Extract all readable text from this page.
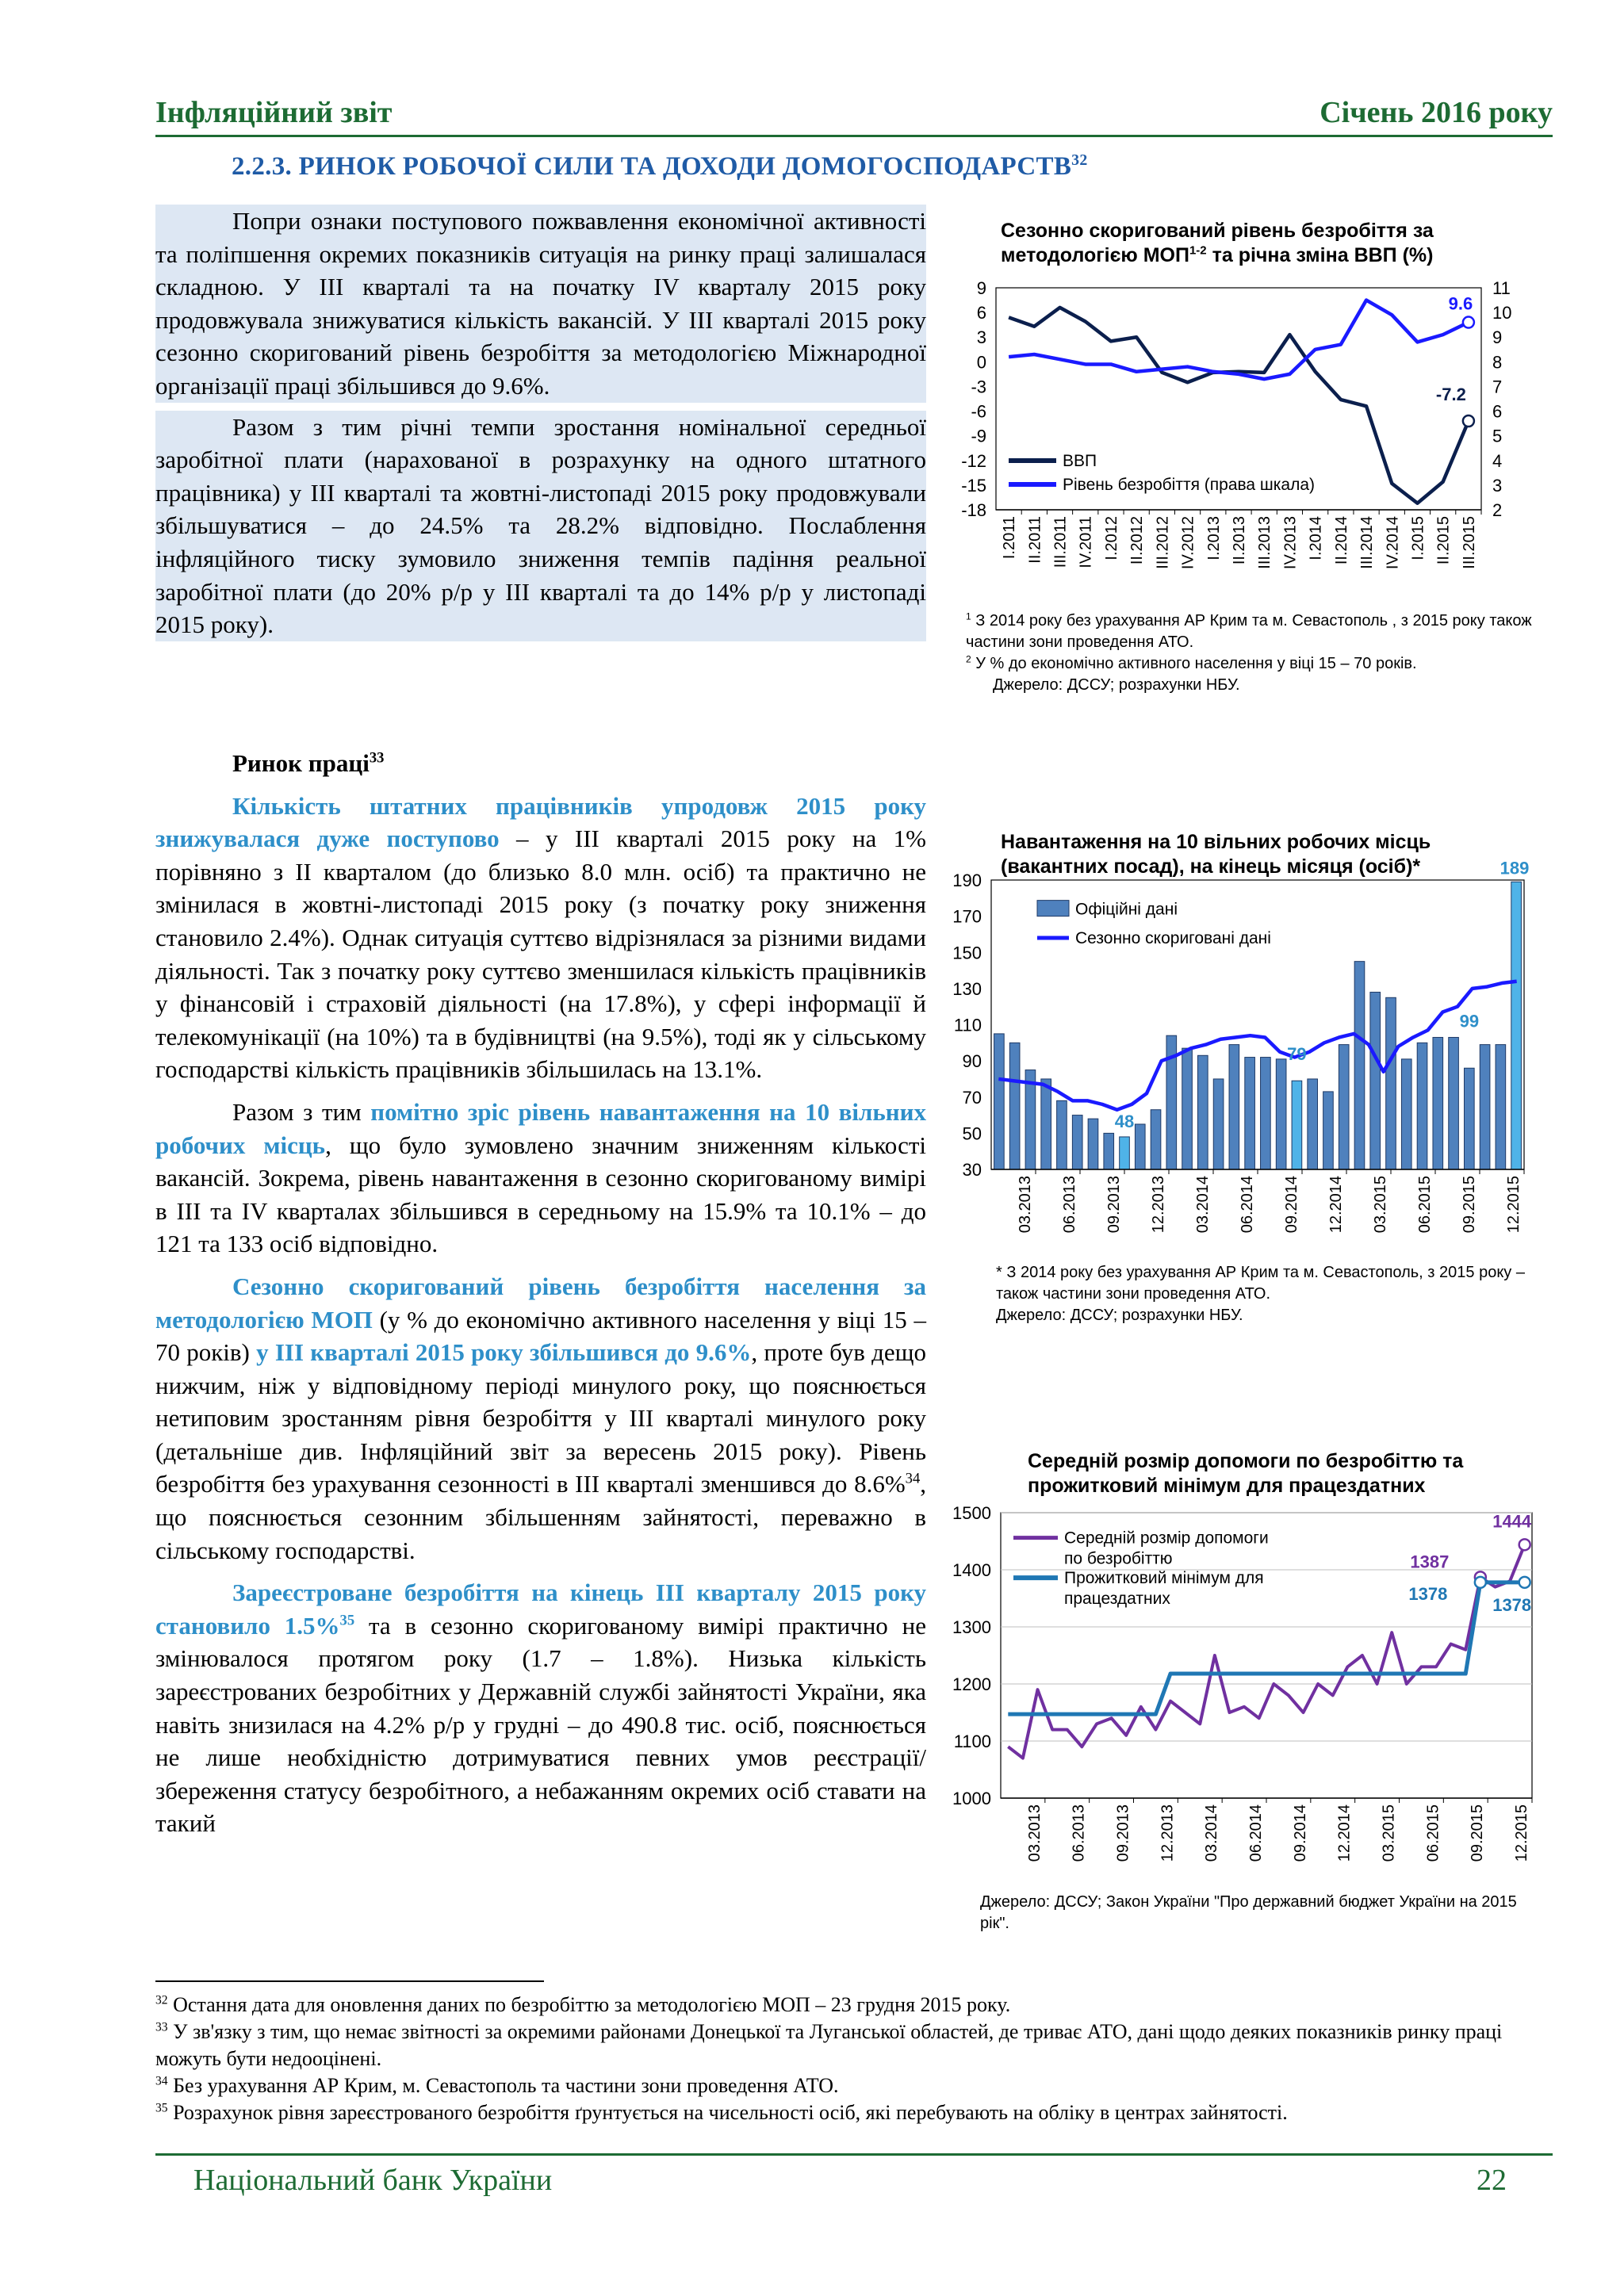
Інфляційний звіт	Січень 2016 року
2.2.3. РИНОК РОБОЧОЇ СИЛИ ТА ДОХОДИ ДОМОГОСПОДАРСТВ$^{32}$

Попри ознаки поступового пожвавлення економічної активності та поліпшення окремих показників ситуація на ринку праці залишалася складною. У ІІІ кварталі та на початку IV кварталу 2015 року продовжувала знижуватися кількість вакансій. У ІІІ кварталі 2015 року сезонно скоригований рівень безробіття за методологією Міжнародної організації праці збільшився до 9.6%.

Разом з тим річні темпи зростання номінальної середньої заробітної плати (нарахованої в розрахунку на одного штатного працівника) у ІІІ кварталі та жовтні-листопаді 2015 року продовжували збільшуватися – до 24.5% та 28.2% відповідно. Послаблення інфляційного тиску зумовило зниження темпів падіння реальної заробітної плати (до 20% р/р у ІІІ кварталі та до 14% р/р у листопаді 2015 року).

Ринок праці$^{33}$

Кількість штатних працівників упродовж 2015 року знижувалася дуже поступово – у ІІІ кварталі 2015 року на 1% порівняно з ІІ кварталом (до близько 8.0 млн. осіб) та практично не змінилася в жовтні-листопаді 2015 року (з початку року зниження становило 2.4%). Однак ситуація суттєво відрізнялася за різними видами діяльності. Так з початку року суттєво зменшилася кількість працівників у фінансовій і страховій діяльності (на 17.8%), у сфері інформації й телекомунікації (на 10%) та в будівництві (на 9.5%), тоді як у сільському господарстві кількість працівників збільшилась на 13.1%.

Разом з тим помітно зріс рівень навантаження на 10 вільних робочих місць, що було зумовлено значним зниженням кількості вакансій. Зокрема, рівень навантаження в сезонно скоригованому вимірі в ІІІ та IV кварталах збільшився в середньому на 15.9% та 10.1% – до 121 та 133 осіб відповідно.

Сезонно скоригований рівень безробіття населення за методологією МОП (у % до економічно активного населення у віці 15 – 70 років) у ІІІ кварталі 2015 року збільшився до 9.6%, проте був дещо нижчим, ніж у відповідному періоді минулого року, що пояснюється нетиповим зростанням рівня безробіття у ІІІ кварталі минулого року (детальніше див. Інфляційний звіт за вересень 2015 року). Рівень безробіття без урахування сезонності в ІІІ кварталі зменшився до 8.6%$^{34}$, що пояснюється сезонним збільшенням зайнятості, переважно в сільському господарстві.

Зареєстроване безробіття на кінець ІІІ кварталу 2015 року становило 1.5%$^{35}$ та в сезонно скоригованому вимірі практично не змінювалося протягом року (1.7 – 1.8%). Низька кількість зареєстрованих безробітних у Державній службі зайнятості України, яка навіть знизилася на 4.2% р/р у грудні – до 490.8 тис. осіб, пояснюється не лише необхідністю дотримуватися певних умов реєстрації/збереження статусу безробітного, а небажанням окремих осіб ставати на такий

Сезонно скоригований рівень безробіття за методологією МОП$^{1-2}$ та річна зміна ВВП (%)
9
6
3
0
-3
-6
-9
-12
-15
-18
11
10
9
8
7
6
5
4
3
2
I.2011 II.2011 III.2011 IV.2011 I.2012 II.2012 III.2012 IV.2012 I.2013 II.2013 III.2013 IV.2013 I.2014 II.2014 III.2014 IV.2014 I.2015 II.2015 III.2015
9.6
-7.2
ВВП
Рівень безробіття (права шкала)
$^1$ З 2014 року без урахування АР Крим та м. Севастополь , з 2015 року також частини зони проведення АТО.
$^2$ У % до економічно активного населення у віці 15 – 70 років.
Джерело: ДССУ; розрахунки НБУ.
Навантаження на 10 вільних робочих місць (вакантних посад), на кінець місяця (осіб)*
190
170
150
130
110
90
70
50
30
03.2013 06.2013 09.2013 12.2013 03.2014 06.2014 09.2014 12.2014 03.2015 06.2015 09.2015 12.2015
48
79
99
189
Офіційні дані
Сезонно скориговані дані
* З 2014 року без урахування АР Крим та м. Севастополь, з 2015 року – також частини зони проведення АТО.
Джерело: ДССУ; розрахунки НБУ.
Середній розмір допомоги по безробіттю та прожитковий мінімум для працездатних
1500
1400
1300
1200
1100
1000
03.2013 06.2013 09.2013 12.2013 03.2014 06.2014 09.2014 12.2014 03.2015 06.2015 09.2015 12.2015
1444
1387
1378
1378
Середній розмір допомоги
по безробіттю
Прожитковий мінімум для
працездатних
Джерело: ДССУ; Закон України "Про державний бюджет України на 2015 рік".
$^{32}$ Остання дата для оновлення даних по безробіттю за методологією МОП – 23 грудня 2015 року.
$^{33}$ У зв'язку з тим, що немає звітності за окремими районами Донецької та Луганської областей, де триває АТО, дані щодо деяких показників ринку праці можуть бути недооцінені.
$^{34}$ Без урахування АР Крим, м. Севастополь та частини зони проведення АТО.
$^{35}$ Розрахунок рівня зареєстрованого безробіття ґрунтується на чисельності осіб, які перебувають на обліку в центрах зайнятості.
Національний банк України	22
